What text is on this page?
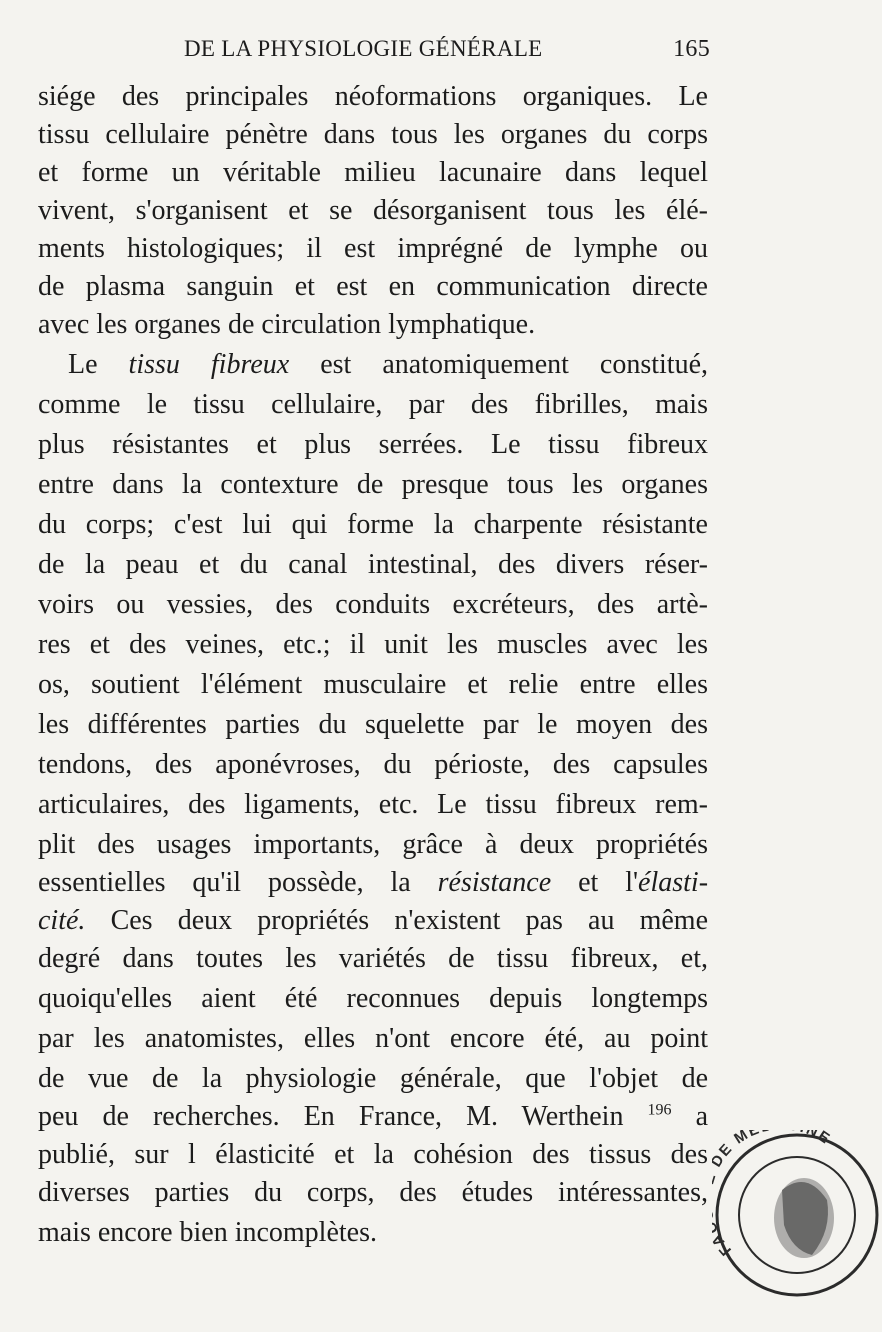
DE LA PHYSIOLOGIE GÉNÉRALE	165
siége des principales néoformations organiques. Le
tissu cellulaire pénètre dans tous les organes du corps
et forme un véritable milieu lacunaire dans lequel
vivent, s'organisent et se désorganisent tous les élé-
ments histologiques; il est imprégné de lymphe ou
de plasma sanguin et est en communication directe
avec les organes de circulation lymphatique.
Le tissu fibreux est anatomiquement constitué,
comme le tissu cellulaire, par des fibrilles, mais
plus résistantes et plus serrées. Le tissu fibreux
entre dans la contexture de presque tous les organes
du corps; c'est lui qui forme la charpente résistante
de la peau et du canal intestinal, des divers réser-
voirs ou vessies, des conduits excréteurs, des artè-
res et des veines, etc.; il unit les muscles avec les
os, soutient l'élément musculaire et relie entre elles
les différentes parties du squelette par le moyen des
tendons, des aponévroses, du périoste, des capsules
articulaires, des ligaments, etc. Le tissu fibreux rem-
plit des usages importants, grâce à deux propriétés
essentielles qu'il possède, la résistance et l'élasti-
cité. Ces deux propriétés n'existent pas au même
degré dans toutes les variétés de tissu fibreux, et,
quoiqu'elles aient été reconnues depuis longtemps
par les anatomistes, elles n'ont encore été, au point
de vue de la physiologie générale, que l'objet de
peu de recherches. En France, M. Werthein $^{196}$ a
publié, sur l élasticité et la cohésion des tissus des
diverses parties du corps, des études intéressantes,
mais encore bien incomplètes.
F E MÉ NE
